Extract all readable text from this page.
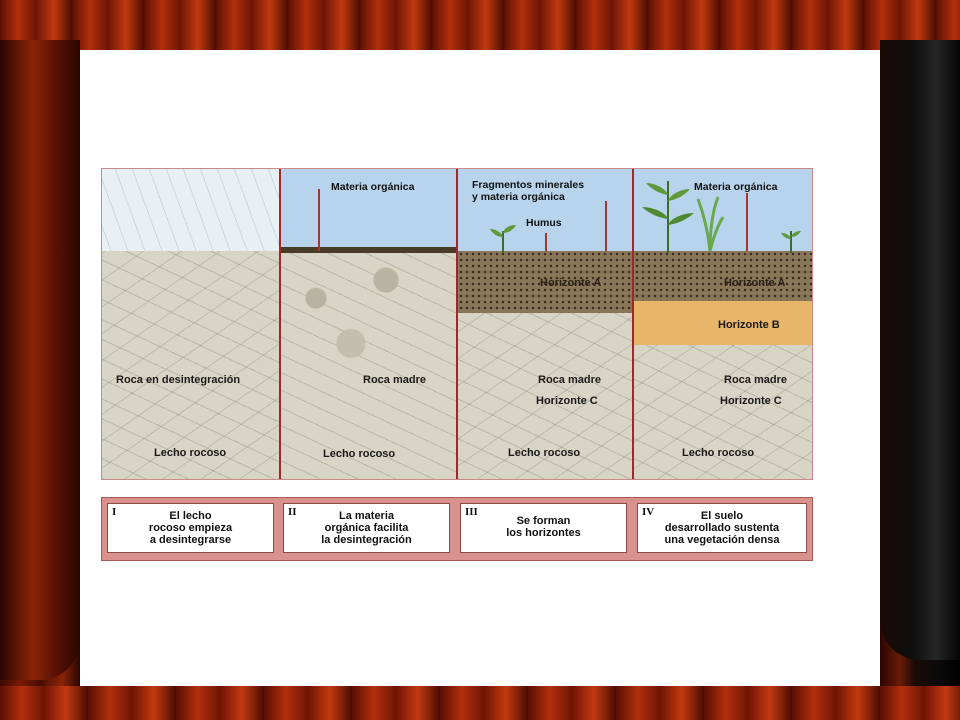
Roca en desintegración
Lecho rocoso
Materia orgánica
Roca madre
Lecho rocoso
Fragmentos minerales
y materia orgánica
Humus
Horizonte A
Roca madre
Horizonte C
Lecho rocoso
Materia orgánica
Horizonte A
Horizonte B
Roca madre
Horizonte C
Lecho rocoso
I	El lecho
rocoso empieza
a desintegrarse
II	La materia
orgánica facilita
la desintegración
III
Se forman
los horizontes
IV	El suelo
desarrollado sustenta
una vegetación densa
